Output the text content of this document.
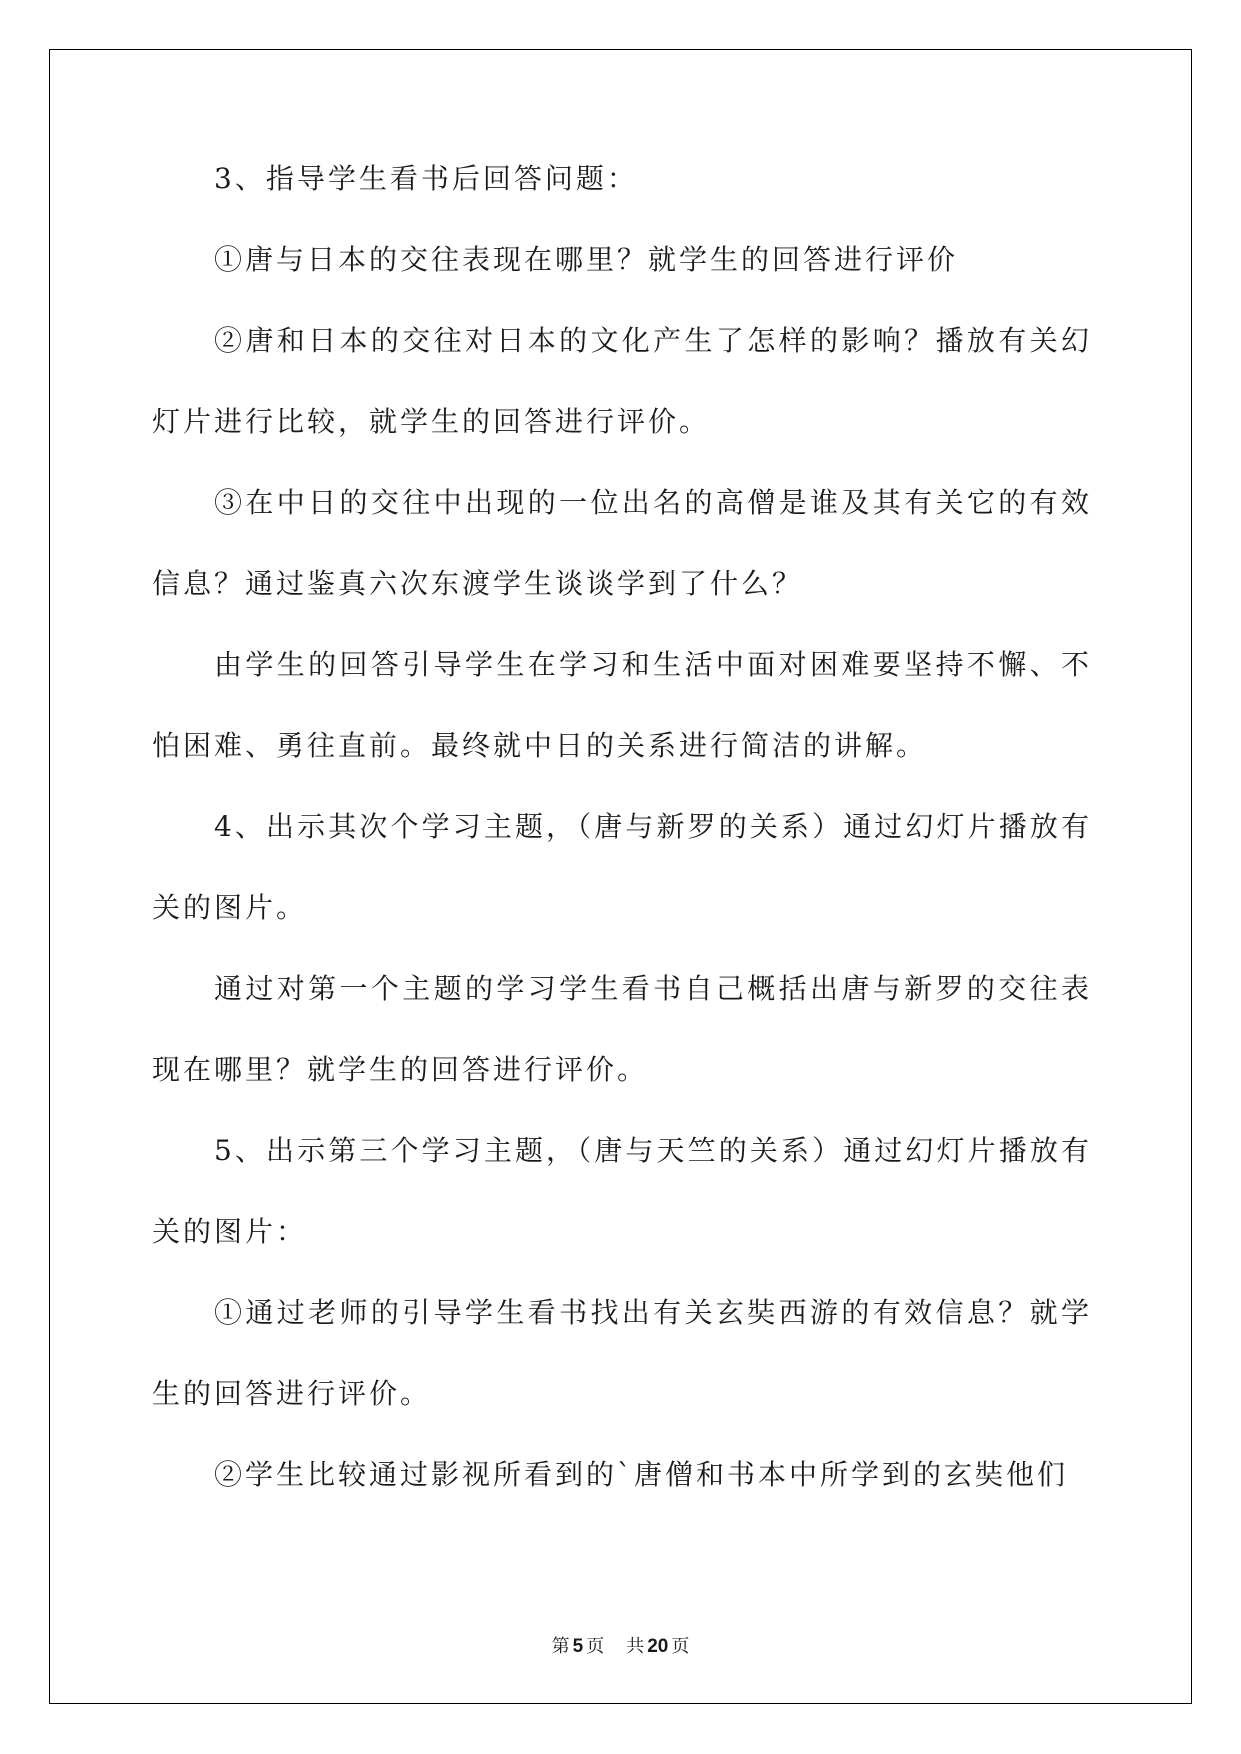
3、指导学生看书后回答问题：

①唐与日本的交往表现在哪里？就学生的回答进行评价

②唐和日本的交往对日本的文化产生了怎样的影响？播放有关幻灯片进行比较，就学生的回答进行评价。

③在中日的交往中出现的一位出名的高僧是谁及其有关它的有效信息？通过鉴真六次东渡学生谈谈学到了什么？

由学生的回答引导学生在学习和生活中面对困难要坚持不懈、不怕困难、勇往直前。最终就中日的关系进行简洁的讲解。

4、出示其次个学习主题，（唐与新罗的关系）通过幻灯片播放有关的图片。

通过对第一个主题的学习学生看书自己概括出唐与新罗的交往表现在哪里？就学生的回答进行评价。

5、出示第三个学习主题，（唐与天竺的关系）通过幻灯片播放有关的图片：

①通过老师的引导学生看书找出有关玄奘西游的有效信息？就学生的回答进行评价。

②学生比较通过影视所看到的`唐僧和书本中所学到的玄奘他们

第 5 页 共 20 页
